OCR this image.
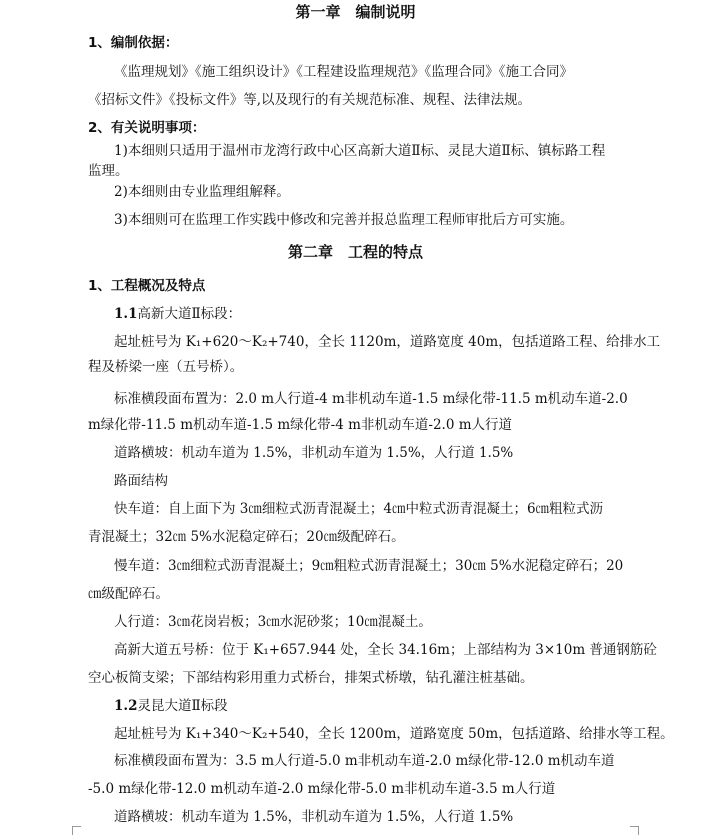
第一章　编制说明
1、编制依据：
《监理规划》《施工组织设计》《工程建设监理规范》《监理合同》《施工合同》
《招标文件》《投标文件》等,以及现行的有关规范标准、规程、法律法规。
2、有关说明事项：
1)本细则只适用于温州市龙湾行政中心区高新大道Ⅱ标、灵昆大道Ⅱ标、镇标路工程
监理。
2)本细则由专业监理组解释。
3)本细则可在监理工作实践中修改和完善并报总监理工程师审批后方可实施。
第二章　工程的特点
1、工程概况及特点
1.1高新大道Ⅱ标段：
起址桩号为 K₁+620～K₂+740，全长 1120m，道路宽度 40m，包括道路工程、给排水工
程及桥梁一座（五号桥）。
标准横段面布置为：2.0 m人行道-4 m非机动车道-1.5 m绿化带-11.5 m机动车道-2.0
m绿化带-11.5 m机动车道-1.5 m绿化带-4 m非机动车道-2.0 m人行道
道路横坡：机动车道为 1.5%，非机动车道为 1.5%，人行道 1.5%
路面结构
快车道：自上面下为 3㎝细粒式沥青混凝土；4㎝中粒式沥青混凝土；6㎝粗粒式沥
青混凝土；32㎝ 5%水泥稳定碎石；20㎝级配碎石。
慢车道：3㎝细粒式沥青混凝土；9㎝粗粒式沥青混凝土；30㎝ 5%水泥稳定碎石；20
㎝级配碎石。
人行道：3㎝花岗岩板；3㎝水泥砂浆；10㎝混凝土。
高新大道五号桥：位于 K₁+657.944 处，全长 34.16m；上部结构为 3×10m 普通钢筋砼
空心板简支梁；下部结构彩用重力式桥台，排架式桥墩，钻孔灌注桩基础。
1.2灵昆大道Ⅱ标段
起址桩号为 K₁+340～K₂+540，全长 1200m，道路宽度 50m，包括道路、给排水等工程。
标准横段面布置为：3.5 m人行道-5.0 m非机动车道-2.0 m绿化带-12.0 m机动车道
-5.0 m绿化带-12.0 m机动车道-2.0 m绿化带-5.0 m非机动车道-3.5 m人行道
道路横坡：机动车道为 1.5%，非机动车道为 1.5%，人行道 1.5%
